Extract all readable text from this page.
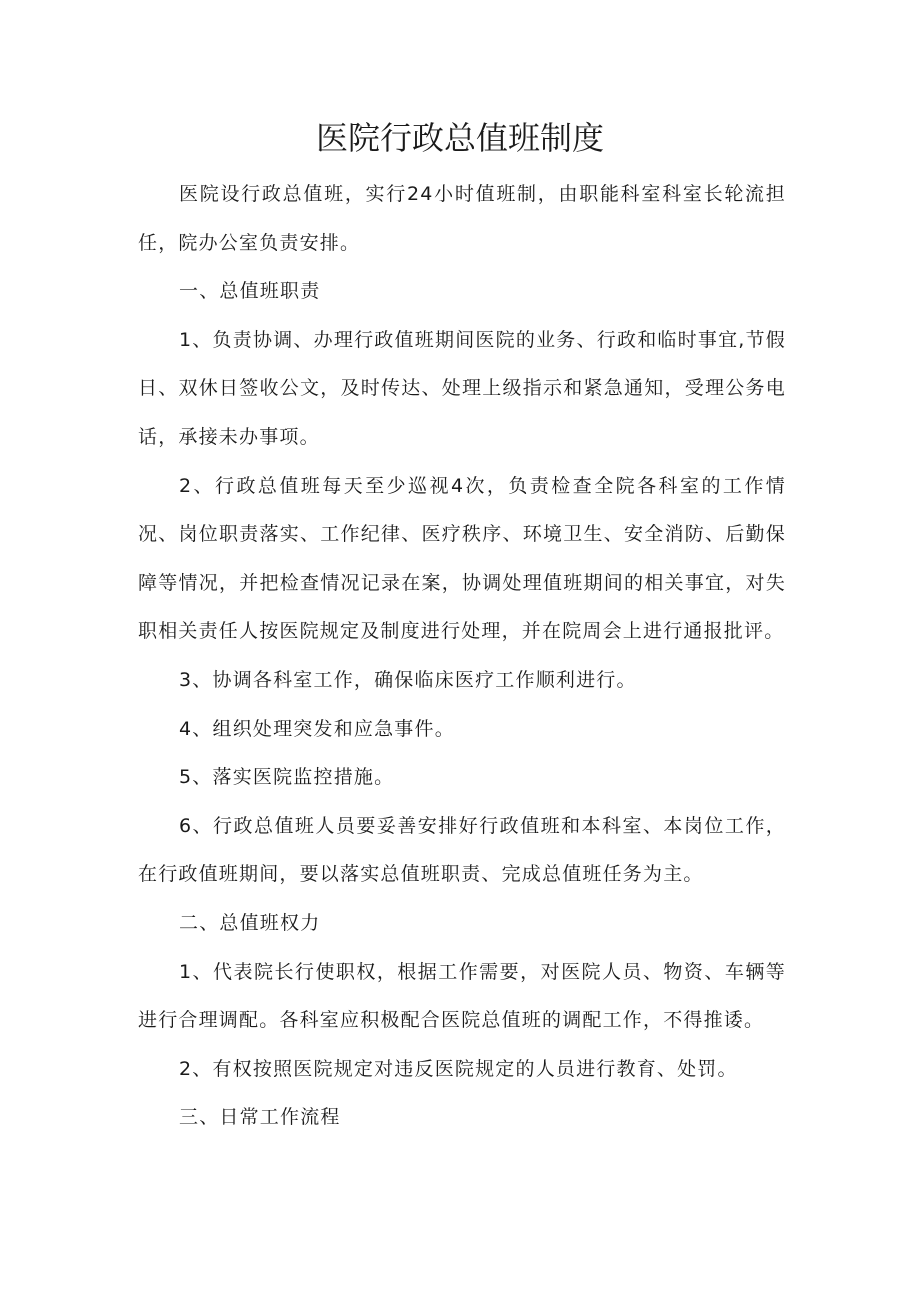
医院行政总值班制度

医院设行政总值班，实行24小时值班制，由职能科室科室长轮流担任，院办公室负责安排。

一、总值班职责

1、负责协调、办理行政值班期间医院的业务、行政和临时事宜,节假日、双休日签收公文，及时传达、处理上级指示和紧急通知，受理公务电话，承接未办事项。

2、行政总值班每天至少巡视4次，负责检查全院各科室的工作情况、岗位职责落实、工作纪律、医疗秩序、环境卫生、安全消防、后勤保障等情况，并把检查情况记录在案，协调处理值班期间的相关事宜，对失职相关责任人按医院规定及制度进行处理，并在院周会上进行通报批评。

3、协调各科室工作，确保临床医疗工作顺利进行。

4、组织处理突发和应急事件。

5、落实医院监控措施。

6、行政总值班人员要妥善安排好行政值班和本科室、本岗位工作，在行政值班期间，要以落实总值班职责、完成总值班任务为主。

二、总值班权力

1、代表院长行使职权，根据工作需要，对医院人员、物资、车辆等进行合理调配。各科室应积极配合医院总值班的调配工作，不得推诿。

2、有权按照医院规定对违反医院规定的人员进行教育、处罚。

三、日常工作流程
